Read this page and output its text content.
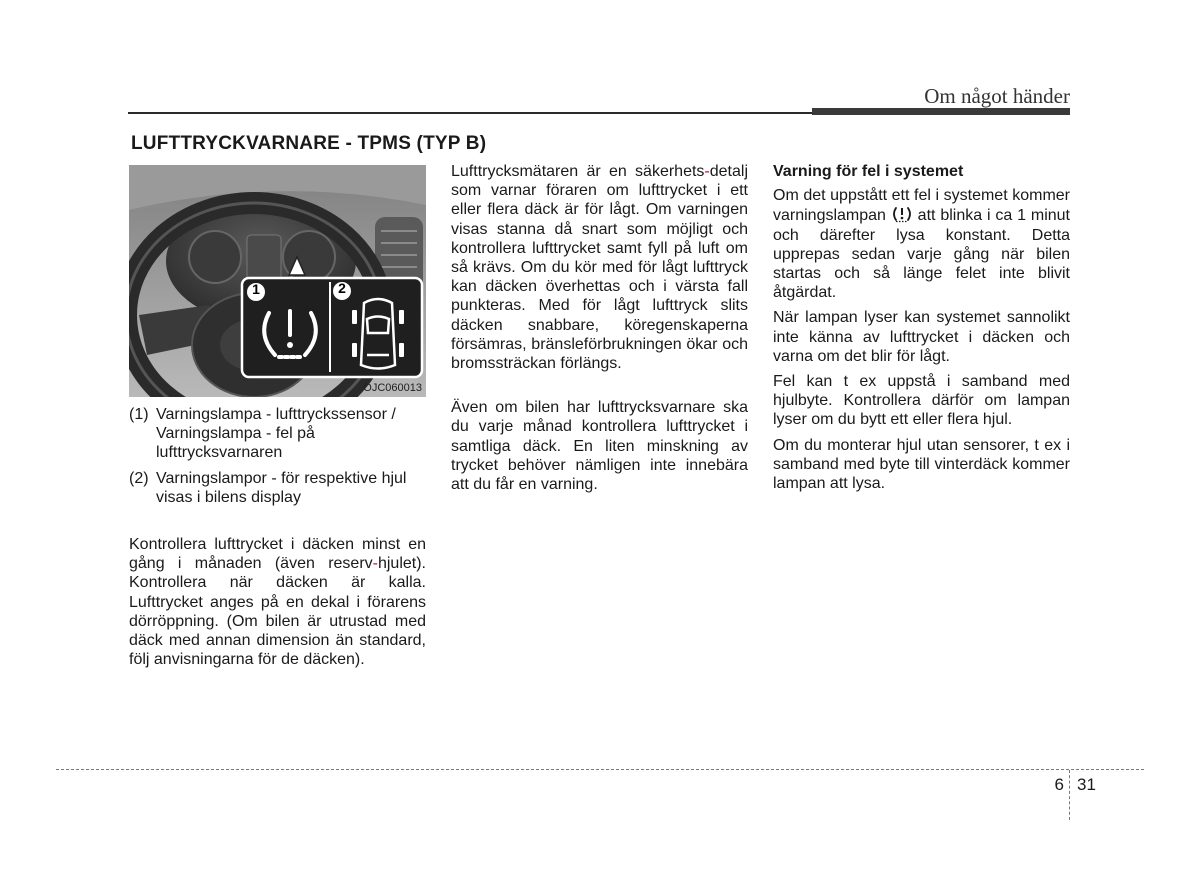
Om något händer
LUFTTRYCKVARNARE - TPMS (TYP B)
1	2
OJC060013
(1) Varningslampa - lufttryckssensor / Varningslampa - fel på lufttrycksvarnaren
(2) Varningslampor - för respektive hjul visas i bilens display

Kontrollera lufttrycket i däcken minst en gång i månaden (även reserv-hjulet). Kontrollera när däcken är kalla. Lufttrycket anges på en dekal i förarens dörröppning. (Om bilen är utrustad med däck med annan dimension än standard, följ anvisningarna för de däcken).

Lufttrycksmätaren är en säkerhets-detalj som varnar föraren om lufttrycket i ett eller flera däck är för lågt. Om varningen visas stanna då snart som möjligt och kontrollera lufttrycket samt fyll på luft om så krävs. Om du kör med för lågt lufttryck kan däcken överhettas och i värsta fall punkteras. Med för lågt lufttryck slits däcken snabbare, köregenskaperna försämras, bränsleförbrukningen ökar och bromssträckan förlängs.

Även om bilen har lufttrycksvarnare ska du varje månad kontrollera lufttrycket i samtliga däck. En liten minskning av trycket behöver nämligen inte innebära att du får en varning.

Varning för fel i systemet

Om det uppstått ett fel i systemet kommer varningslampan att blinka i ca 1 minut och därefter lysa konstant. Detta upprepas sedan varje gång när bilen startas och så länge felet inte blivit åtgärdat.

När lampan lyser kan systemet sannolikt inte känna av lufttrycket i däcken och varna om det blir för lågt.

Fel kan t ex uppstå i samband med hjulbyte. Kontrollera därför om lampan lyser om du bytt ett eller flera hjul.

Om du monterar hjul utan sensorer, t ex i samband med byte till vinterdäck kommer lampan att lysa.

6 31
